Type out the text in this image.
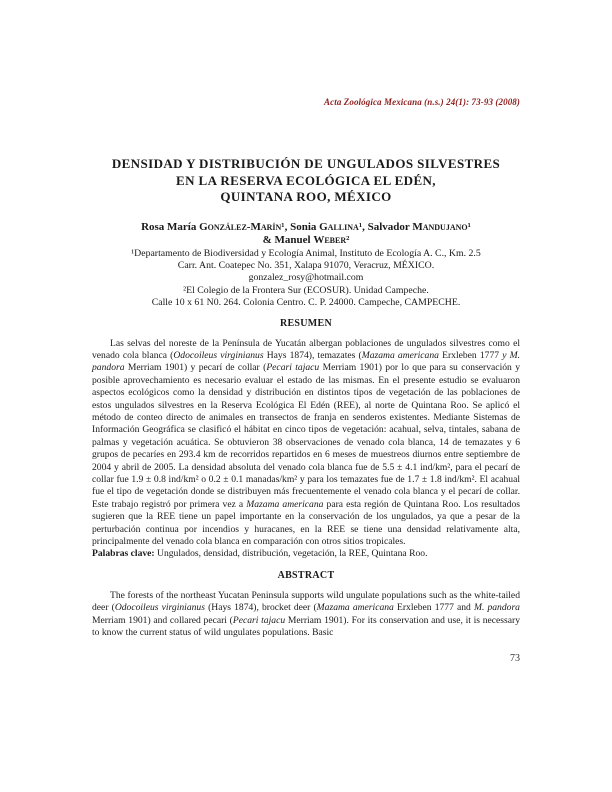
Acta Zoológica Mexicana (n.s.) 24(1): 73-93 (2008)
DENSIDAD Y DISTRIBUCIÓN DE UNGULADOS SILVESTRES
EN LA RESERVA ECOLÓGICA EL EDÉN,
QUINTANA ROO, MÉXICO
Rosa María González-Marín¹, Sonia Gallina¹, Salvador Mandujano¹
& Manuel Weber²
¹Departamento de Biodiversidad y Ecología Animal, Instituto de Ecología A. C., Km. 2.5
Carr. Ant. Coatepec No. 351, Xalapa 91070, Veracruz, MÉXICO.
gonzalez_rosy@hotmail.com
²El Colegio de la Frontera Sur (ECOSUR). Unidad Campeche.
Calle 10 x 61 N0. 264. Colonia Centro. C. P. 24000. Campeche, CAMPECHE.
RESUMEN

Las selvas del noreste de la Península de Yucatán albergan poblaciones de ungulados silvestres como el venado cola blanca (Odocoileus virginianus Hays 1874), temazates (Mazama americana Erxleben 1777 y M. pandora Merriam 1901) y pecarí de collar (Pecari tajacu Merriam 1901) por lo que para su conservación y posible aprovechamiento es necesario evaluar el estado de las mismas. En el presente estudio se evaluaron aspectos ecológicos como la densidad y distribución en distintos tipos de vegetación de las poblaciones de estos ungulados silvestres en la Reserva Ecológica El Edén (REE), al norte de Quintana Roo. Se aplicó el método de conteo directo de animales en transectos de franja en senderos existentes. Mediante Sistemas de Información Geográfica se clasificó el hábitat en cinco tipos de vegetación: acahual, selva, tintales, sabana de palmas y vegetación acuática. Se obtuvieron 38 observaciones de venado cola blanca, 14 de temazates y 6 grupos de pecaríes en 293.4 km de recorridos repartidos en 6 meses de muestreos diurnos entre septiembre de 2004 y abril de 2005. La densidad absoluta del venado cola blanca fue de 5.5 ± 4.1 ind/km², para el pecarí de collar fue 1.9 ± 0.8 ind/km² o 0.2 ± 0.1 manadas/km² y para los temazates fue de 1.7 ± 1.8 ind/km². El acahual fue el tipo de vegetación donde se distribuyen más frecuentemente el venado cola blanca y el pecarí de collar. Este trabajo registró por primera vez a Mazama americana para esta región de Quintana Roo. Los resultados sugieren que la REE tiene un papel importante en la conservación de los ungulados, ya que a pesar de la perturbación continua por incendios y huracanes, en la REE se tiene una densidad relativamente alta, principalmente del venado cola blanca en comparación con otros sitios tropicales.

Palabras clave: Ungulados, densidad, distribución, vegetación, la REE, Quintana Roo.

ABSTRACT

The forests of the northeast Yucatan Peninsula supports wild ungulate populations such as the white-tailed deer (Odocoileus virginianus (Hays 1874), brocket deer (Mazama americana Erxleben 1777 and M. pandora Merriam 1901) and collared pecari (Pecari tajacu Merriam 1901). For its conservation and use, it is necessary to know the current status of wild ungulates populations. Basic

73
